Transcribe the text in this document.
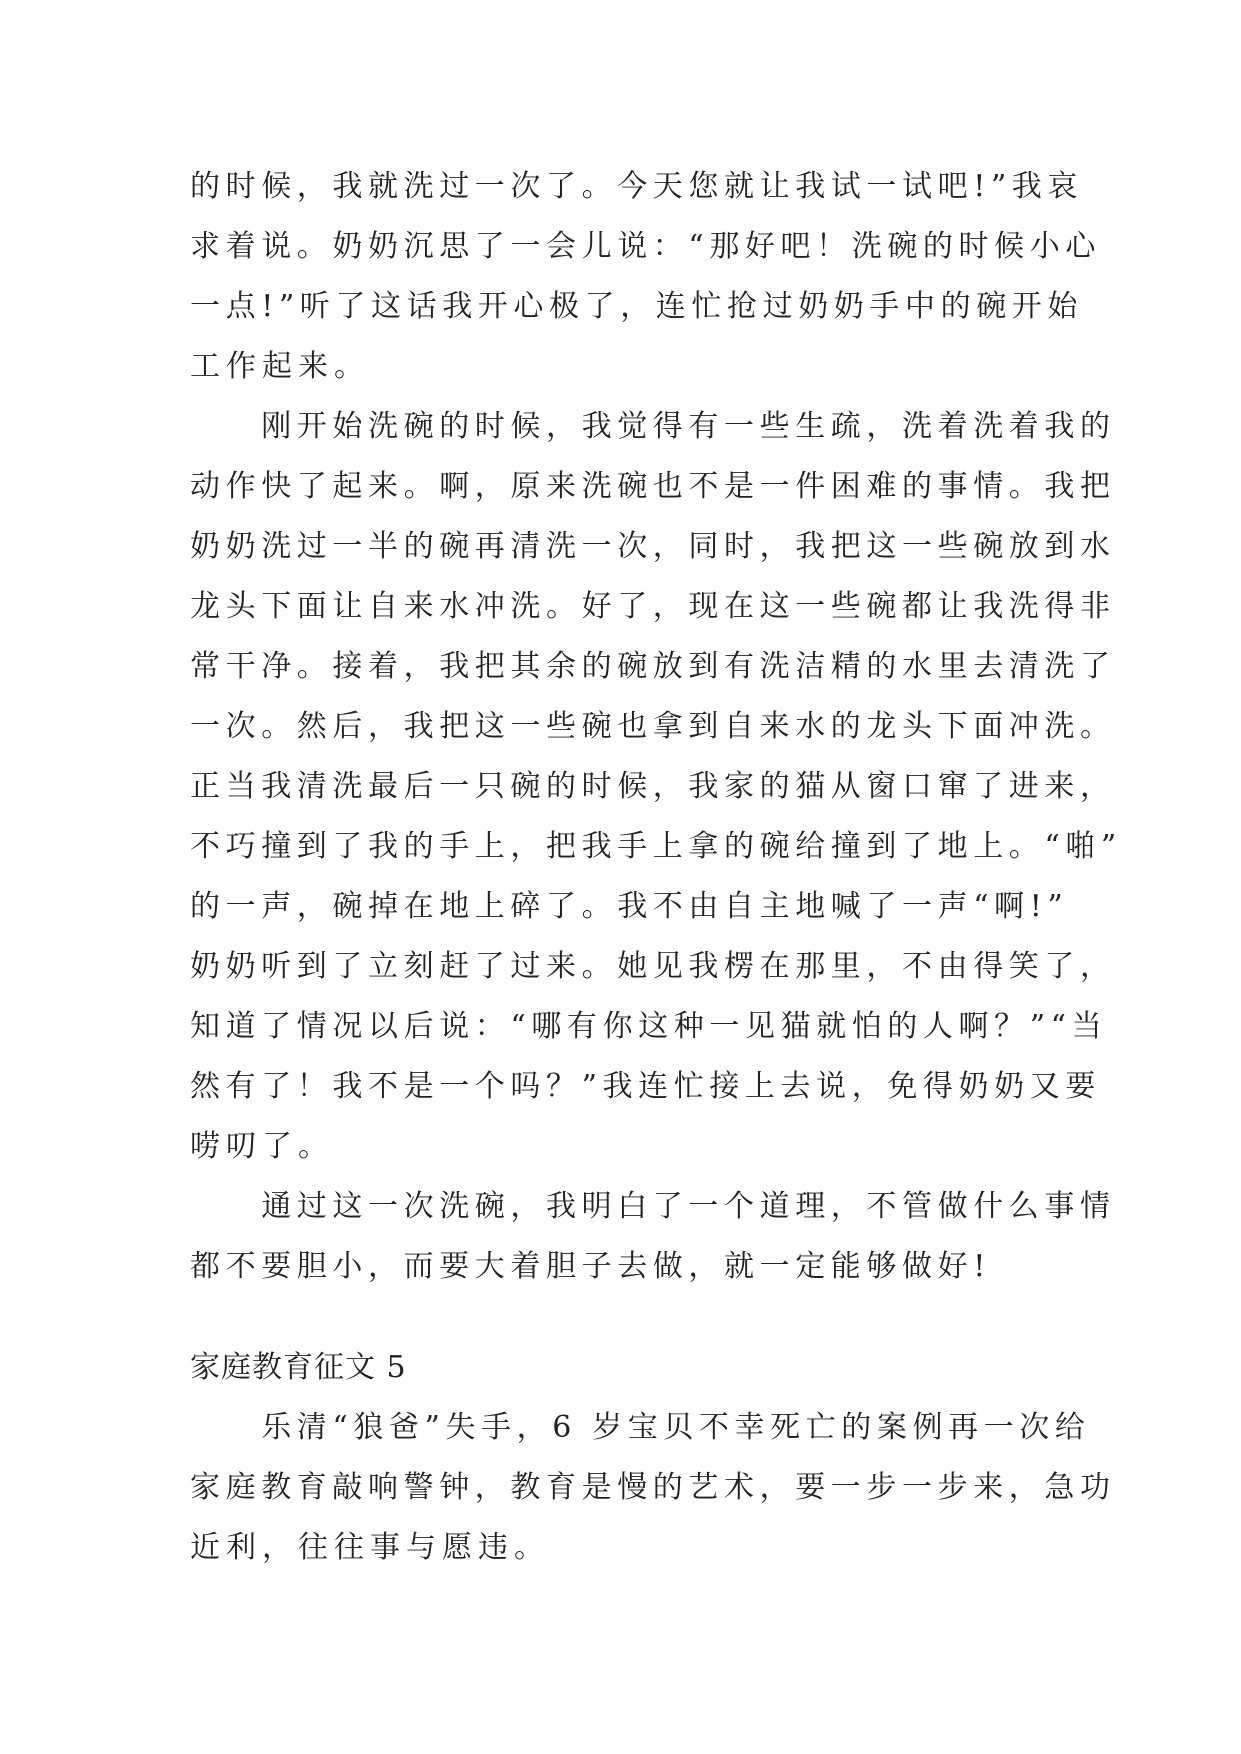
的时候，我就洗过一次了。今天您就让我试一试吧!”我哀
求着说。奶奶沉思了一会儿说：“那好吧！洗碗的时候小心
一点!”听了这话我开心极了，连忙抢过奶奶手中的碗开始
工作起来。
　　刚开始洗碗的时候，我觉得有一些生疏，洗着洗着我的
动作快了起来。啊，原来洗碗也不是一件困难的事情。我把
奶奶洗过一半的碗再清洗一次，同时，我把这一些碗放到水
龙头下面让自来水冲洗。好了，现在这一些碗都让我洗得非
常干净。接着，我把其余的碗放到有洗洁精的水里去清洗了
一次。然后，我把这一些碗也拿到自来水的龙头下面冲洗。
正当我清洗最后一只碗的时候，我家的猫从窗口窜了进来，
不巧撞到了我的手上，把我手上拿的碗给撞到了地上。“啪”
的一声，碗掉在地上碎了。我不由自主地喊了一声“啊!”
奶奶听到了立刻赶了过来。她见我楞在那里，不由得笑了，
知道了情况以后说：“哪有你这种一见猫就怕的人啊？”“当
然有了！我不是一个吗？”我连忙接上去说，免得奶奶又要
唠叨了。
　　通过这一次洗碗，我明白了一个道理，不管做什么事情
都不要胆小，而要大着胆子去做，就一定能够做好!
家庭教育征文 5
　　乐清“狼爸”失手，6 岁宝贝不幸死亡的案例再一次给
家庭教育敲响警钟，教育是慢的艺术，要一步一步来，急功
近利，往往事与愿违。
